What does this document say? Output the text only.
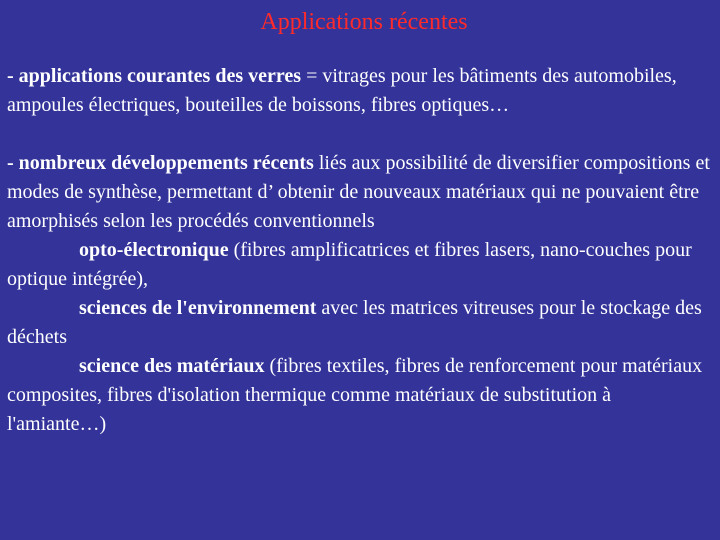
Applications récentes

- applications courantes des verres = vitrages pour les bâtiments des automobiles, ampoules électriques, bouteilles de boissons, fibres optiques…

- nombreux développements récents liés aux possibilité de diversifier compositions et modes de synthèse, permettant d’ obtenir de nouveaux matériaux qui ne pouvaient être amorphisés selon les procédés conventionnels

opto-électronique (fibres amplificatrices et fibres lasers, nano-couches pour optique intégrée),

sciences de l'environnement avec les matrices vitreuses pour le stockage des déchets

science des matériaux (fibres textiles, fibres de renforcement pour matériaux composites, fibres d'isolation thermique comme matériaux de substitution à l'amiante…)
